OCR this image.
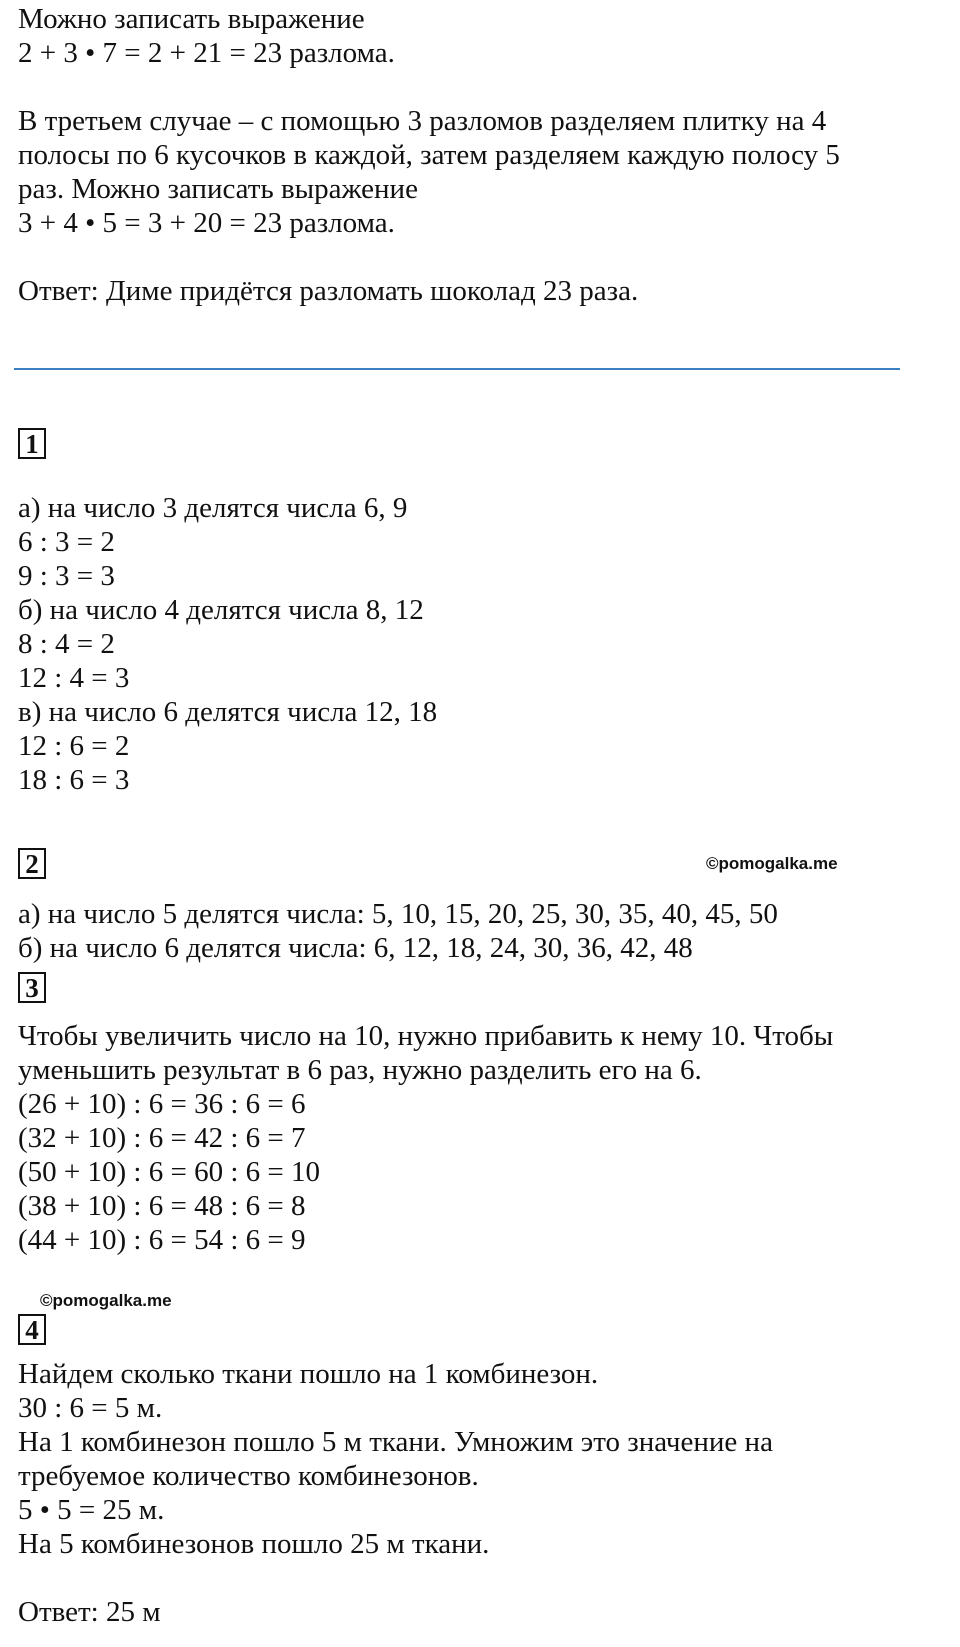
Можно записать выражение
2 + 3 • 7 = 2 + 21 = 23 разлома.
В третьем случае – с помощью 3 разломов разделяем плитку на 4
полосы по 6 кусочков в каждой, затем разделяем каждую полосу 5
раз. Можно записать выражение
3 + 4 • 5 = 3 + 20 = 23 разлома.
Ответ: Диме придётся разломать шоколад 23 раза.
1
а) на число 3 делятся числа 6, 9
6 : 3 = 2
9 : 3 = 3
б) на число 4 делятся числа 8, 12
8 : 4 = 2
12 : 4 = 3
в) на число 6 делятся числа 12, 18
12 : 6 = 2
18 : 6 = 3
2	©pomogalka.me
а) на число 5 делятся числа: 5, 10, 15, 20, 25, 30, 35, 40, 45, 50
б) на число 6 делятся числа: 6, 12, 18, 24, 30, 36, 42, 48
3
Чтобы увеличить число на 10, нужно прибавить к нему 10. Чтобы
уменьшить результат в 6 раз, нужно разделить его на 6.
(26 + 10) : 6 = 36 : 6 = 6
(32 + 10) : 6 = 42 : 6 = 7
(50 + 10) : 6 = 60 : 6 = 10
(38 + 10) : 6 = 48 : 6 = 8
(44 + 10) : 6 = 54 : 6 = 9
©pomogalka.me
4
Найдем сколько ткани пошло на 1 комбинезон.
30 : 6 = 5 м.
На 1 комбинезон пошло 5 м ткани. Умножим это значение на
требуемое количество комбинезонов.
5 • 5 = 25 м.
На 5 комбинезонов пошло 25 м ткани.
Ответ: 25 м
